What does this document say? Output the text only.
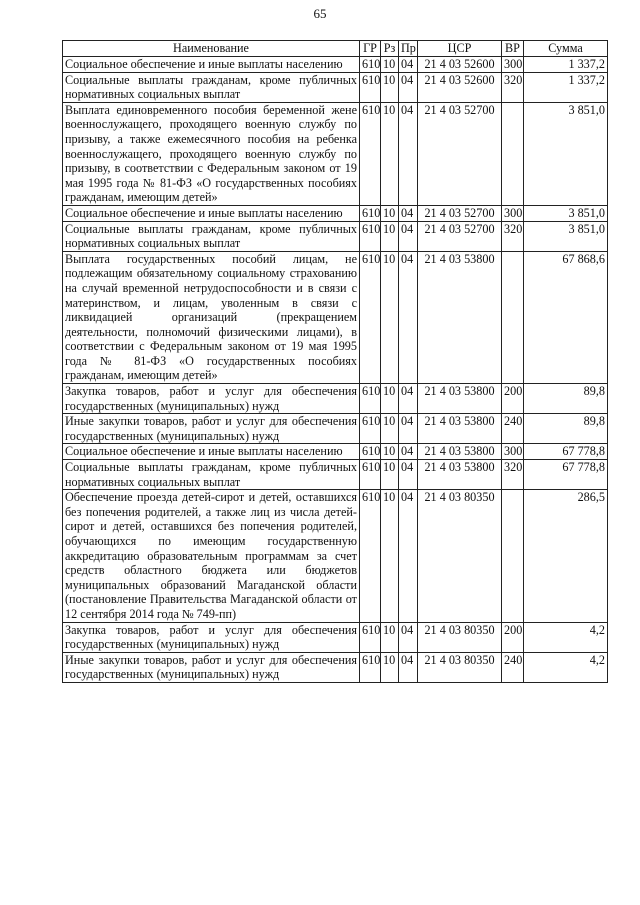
65
Наименование	ГР	Рз	Пр	ЦСР	ВР	Сумма
Социальное обеспечение и иные выплаты населению	610	10	04	21 4 03 52600	300	1 337,2
Социальные выплаты гражданам, кроме публичных нормативных социальных выплат	610	10	04	21 4 03 52600	320	1 337,2
Выплата единовременного пособия беременной жене военнослужащего, проходящего военную службу по призыву, а также ежемесячного пособия на ребенка военнослужащего, проходящего военную службу по призыву, в соответствии с Федеральным законом от 19 мая 1995 года № 81-ФЗ «О государственных пособиях гражданам, имеющим детей»	610	10	04	21 4 03 52700		3 851,0
Социальное обеспечение и иные выплаты населению	610	10	04	21 4 03 52700	300	3 851,0
Социальные выплаты гражданам, кроме публичных нормативных социальных выплат	610	10	04	21 4 03 52700	320	3 851,0
Выплата государственных пособий лицам, не подлежащим обязательному социальному страхованию на случай временной нетрудоспособности и в связи с материнством, и лицам, уволенным в связи с ликвидацией организаций (прекращением деятельности, полномочий физическими лицами), в соответствии с Федеральным законом от 19 мая 1995 года № 81-ФЗ «О государственных пособиях гражданам, имеющим детей»	610	10	04	21 4 03 53800		67 868,6
Закупка товаров, работ и услуг для обеспечения государственных (муниципальных) нужд	610	10	04	21 4 03 53800	200	89,8
Иные закупки товаров, работ и услуг для обеспечения государственных (муниципальных) нужд	610	10	04	21 4 03 53800	240	89,8
Социальное обеспечение и иные выплаты населению	610	10	04	21 4 03 53800	300	67 778,8
Социальные выплаты гражданам, кроме публичных нормативных социальных выплат	610	10	04	21 4 03 53800	320	67 778,8
Обеспечение проезда детей-сирот и детей, оставшихся без попечения родителей, а также лиц из числа детей-сирот и детей, оставшихся без попечения родителей, обучающихся по имеющим государственную аккредитацию образовательным программам за счет средств областного бюджета или бюджетов муниципальных образований Магаданской области (постановление Правительства Магаданской области от 12 сентября 2014 года № 749-пп)	610	10	04	21 4 03 80350		286,5
Закупка товаров, работ и услуг для обеспечения государственных (муниципальных) нужд	610	10	04	21 4 03 80350	200	4,2
Иные закупки товаров, работ и услуг для обеспечения государственных (муниципальных) нужд	610	10	04	21 4 03 80350	240	4,2
